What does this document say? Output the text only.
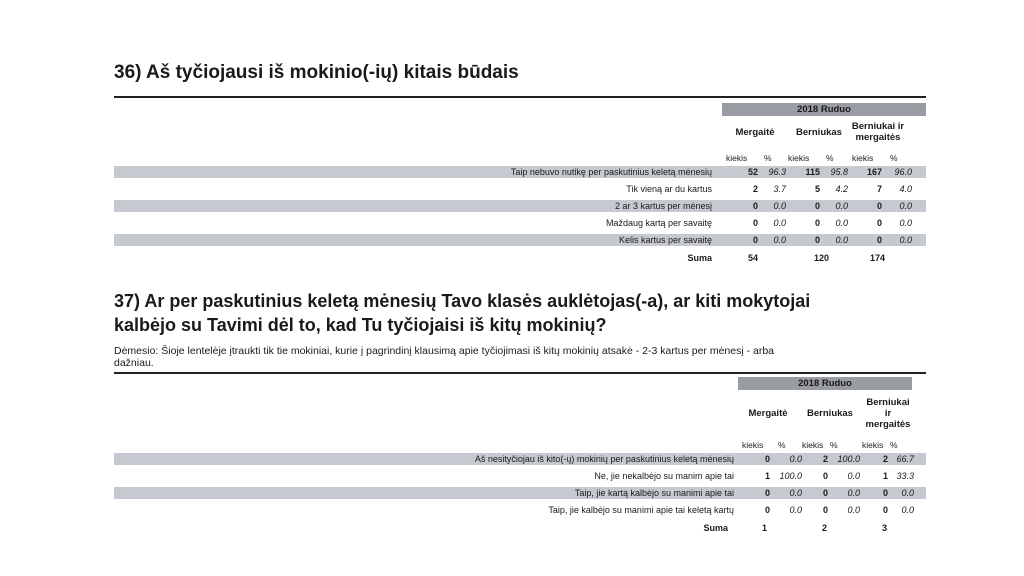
36) Aš tyčiojausi iš mokinio(-ių) kitais būdais
2018 Ruduo
Mergaitė	Berniukas
Berniukai ir mergaitės
kiekis % kiekis % kiekis %
Taip nebuvo nutikę per paskutinius keletą mėnesių	52	96.3	115	95.8	167	96.0
Tik vieną ar du kartus	2	3.7	5	4.2	7	4.0
2 ar 3 kartus per mėnesį	0	0.0	0	0.0	0	0.0
Maždaug kartą per savaitę	0	0.0	0	0.0	0	0.0
Kelis kartus per savaitę	0	0.0	0	0.0	0	0.0
Suma	54	120	174
37) Ar per paskutinius keletą mėnesių Tavo klasės auklėtojas(-a), ar kiti mokytojai
kalbėjo su Tavimi dėl to, kad Tu tyčiojaisi iš kitų mokinių?
Dėmesio: Šioje lentelėje įtraukti tik tie mokiniai, kurie į pagrindinį klausimą apie tyčiojimasi iš kitų mokinių atsakė - 2-3 kartus per mėnesį - arba dažniau.
2018 Ruduo
Mergaitė	Berniukas
Berniukai ir mergaitės
kiekis % kiekis %	kiekis %
Aš nesityčiojau iš kito(-ų) mokinių per paskutinius keletą mėnesių	0	0.0	2	100.0	2 66.7
Ne, jie nekalbėjo su manim apie tai	1	100.0	0	0.0	1 33.3
Taip, jie kartą kalbėjo su manimi apie tai	0	0.0	0	0.0	0	0.0
Taip, jie kalbėjo su manimi apie tai keletą kartų	0	0.0	0	0.0	0	0.0
Suma	1	2	3
